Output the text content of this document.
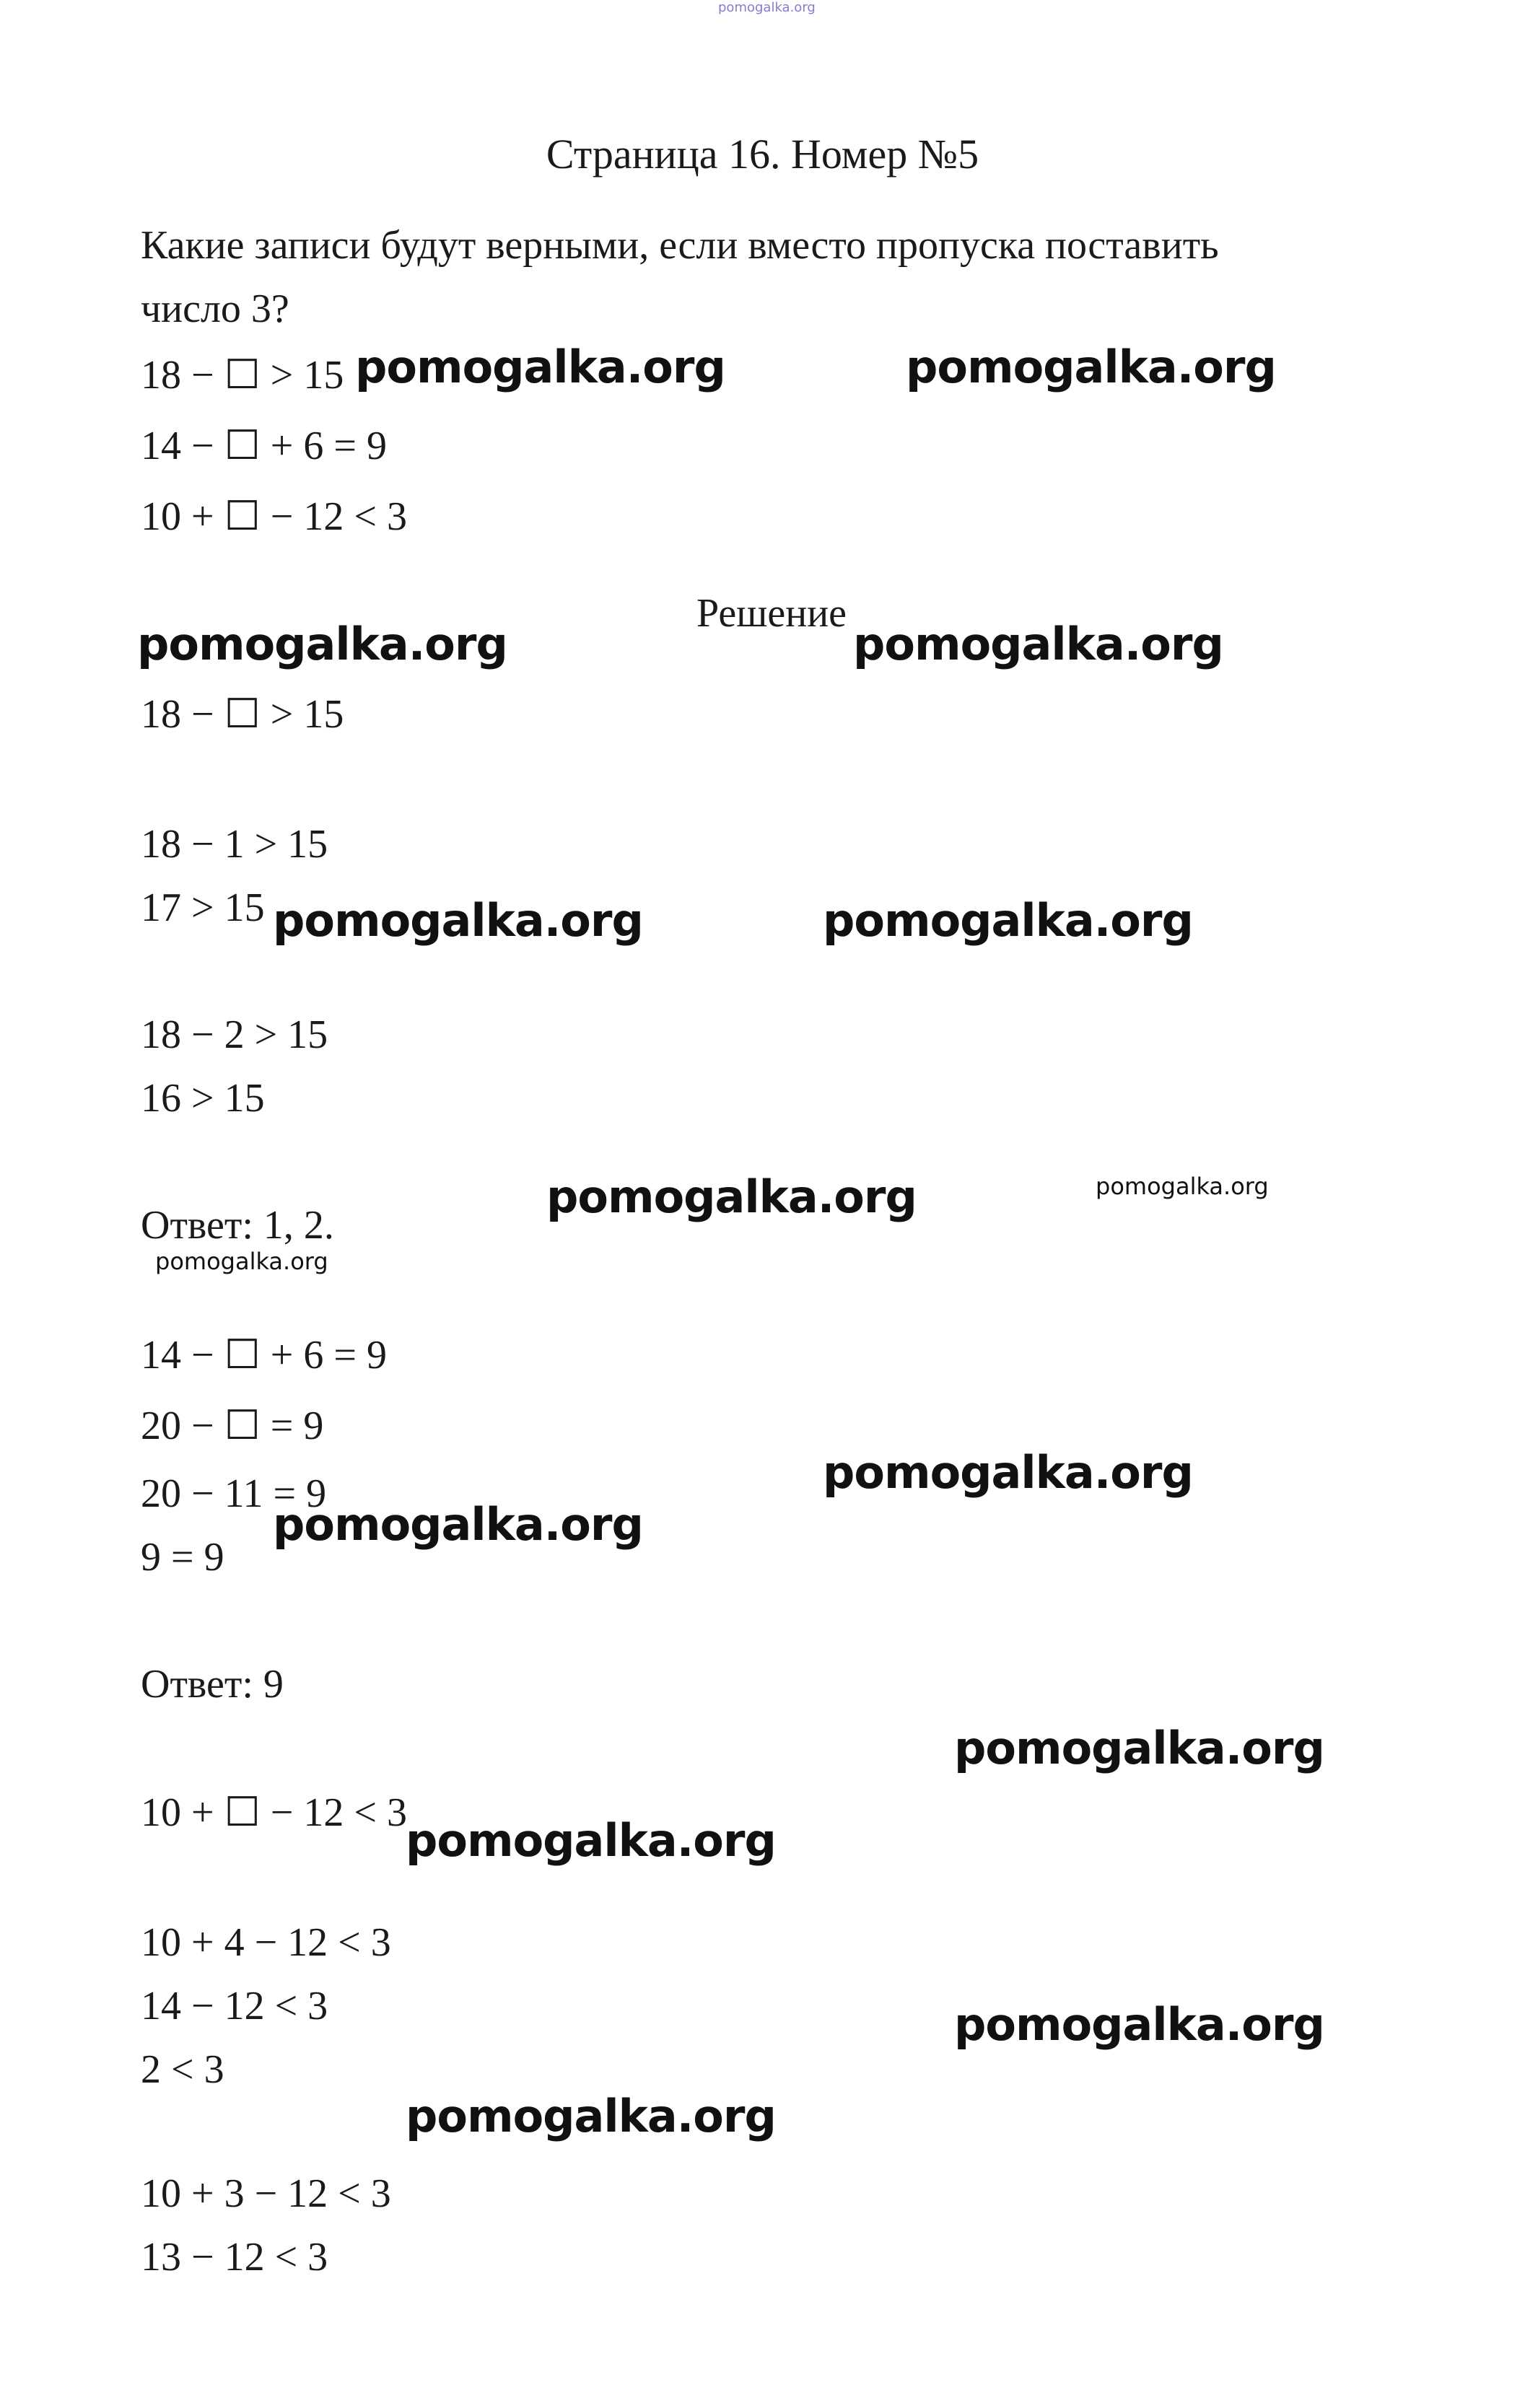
pomogalka.org
Страница 16. Номер №5
Какие записи будут верными, если вместо пропуска поставить
число 3?
18 − ☐ > 15
14 − ☐ + 6 = 9
10 + ☐ − 12 < 3
Решение
18 − ☐ > 15
18 − 1 > 15
17 > 15
18 − 2 > 15
16 > 15
Ответ: 1, 2.
14 − ☐ + 6 = 9
20 − ☐ = 9
20 − 11 = 9
9 = 9
Ответ: 9
10 + ☐ − 12 < 3
10 + 4 − 12 < 3
14 − 12 < 3
2 < 3
10 + 3 − 12 < 3
13 − 12 < 3
pomogalka.org	pomogalka.org
pomogalka.org	pomogalka.org
pomogalka.org	pomogalka.org
pomogalka.org	pomogalka.org
pomogalka.org
pomogalka.org
pomogalka.org
pomogalka.org
pomogalka.org
pomogalka.org
pomogalka.org
